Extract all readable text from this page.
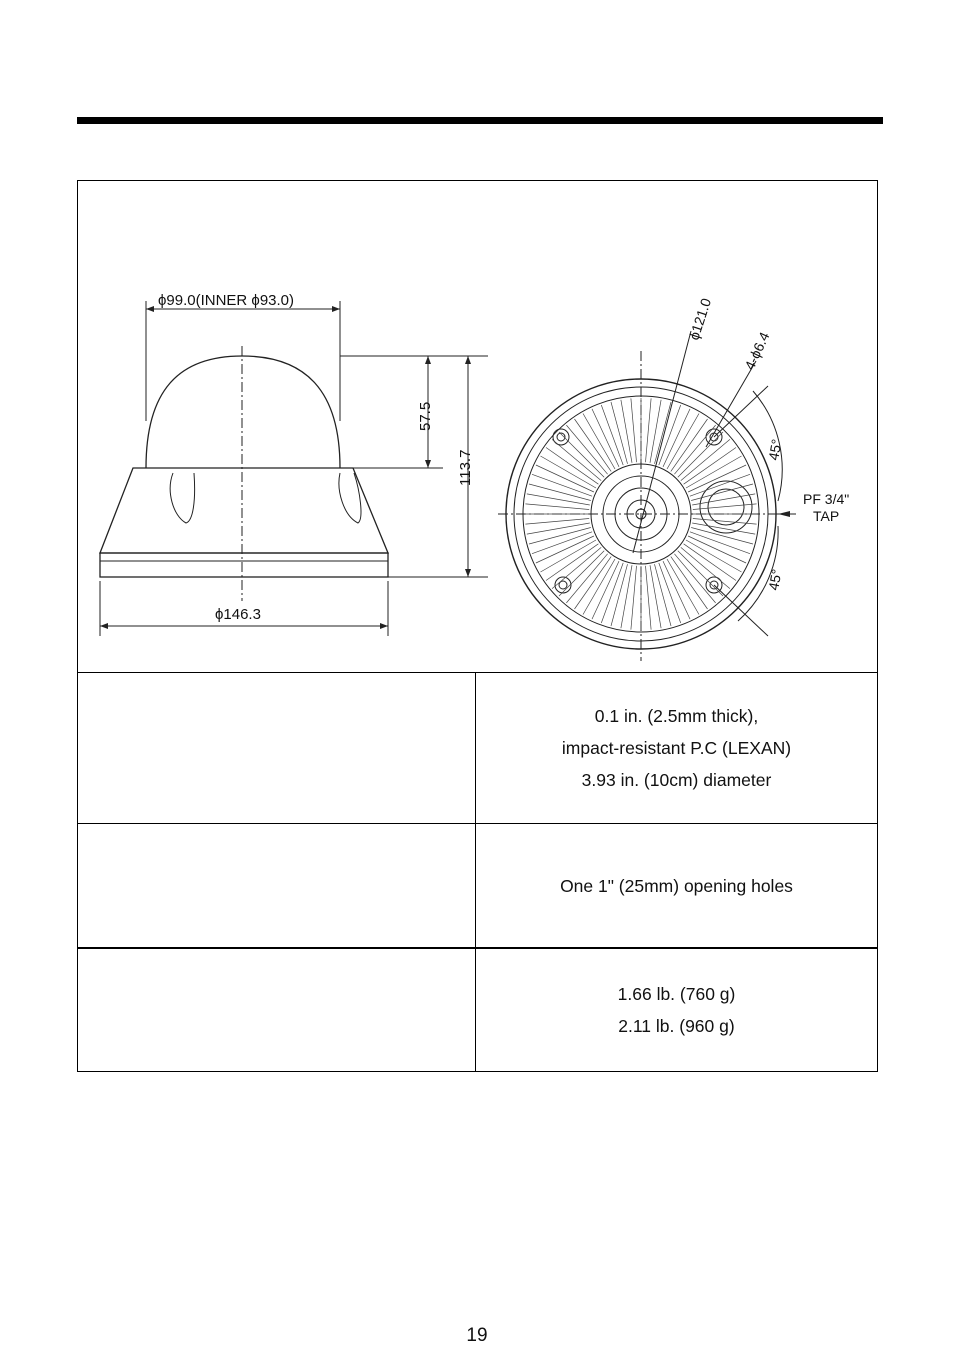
ϕ99.0(INNER ϕ93.0)
57.5
113.7
ϕ146.3
ϕ121.0
4-ϕ6.4
45°
45°
PF 3/4"
TAP
0.1 in. (2.5mm thick),
impact-resistant P.C (LEXAN)
3.93 in. (10cm) diameter
One 1" (25mm) opening holes
1.66 lb. (760 g)
2.11 lb. (960 g)
19
